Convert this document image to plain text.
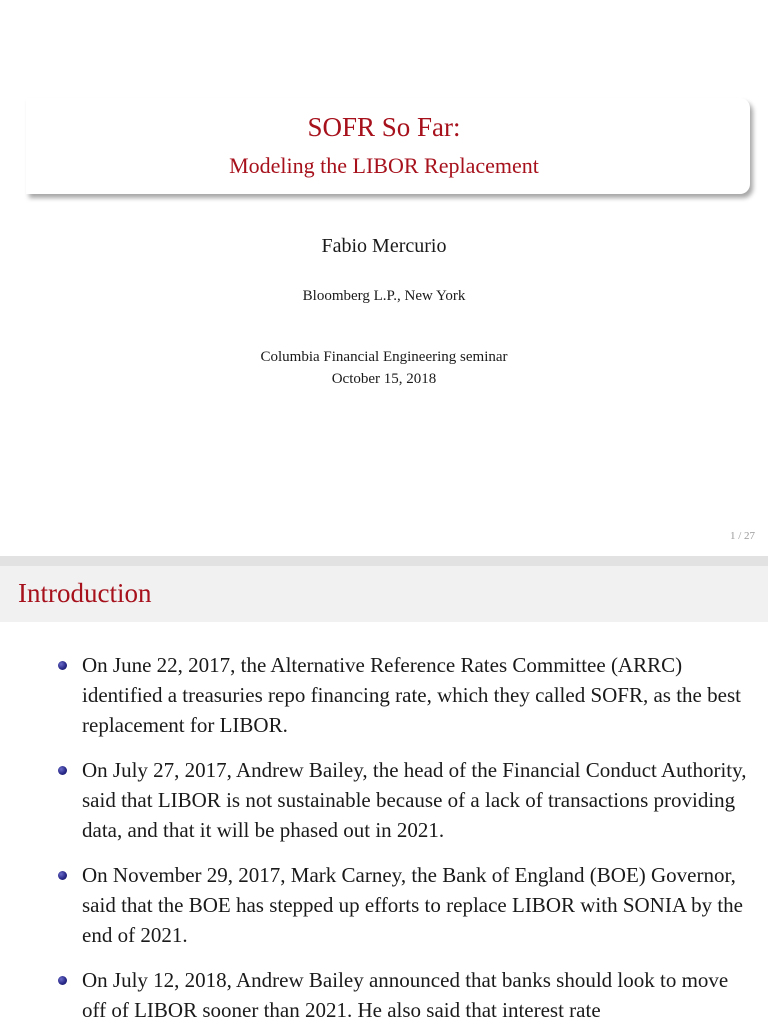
SOFR So Far:
Modeling the LIBOR Replacement
Fabio Mercurio
Bloomberg L.P., New York
Columbia Financial Engineering seminar
October 15, 2018
1 / 27
Introduction
On June 22, 2017, the Alternative Reference Rates Committee (ARRC) identified a treasuries repo financing rate, which they called SOFR, as the best replacement for LIBOR.
On July 27, 2017, Andrew Bailey, the head of the Financial Conduct Authority, said that LIBOR is not sustainable because of a lack of transactions providing data, and that it will be phased out in 2021.
On November 29, 2017, Mark Carney, the Bank of England (BOE) Governor, said that the BOE has stepped up efforts to replace LIBOR with SONIA by the end of 2021.
On July 12, 2018, Andrew Bailey announced that banks should look to move off of LIBOR sooner than 2021. He also said that interest rate
